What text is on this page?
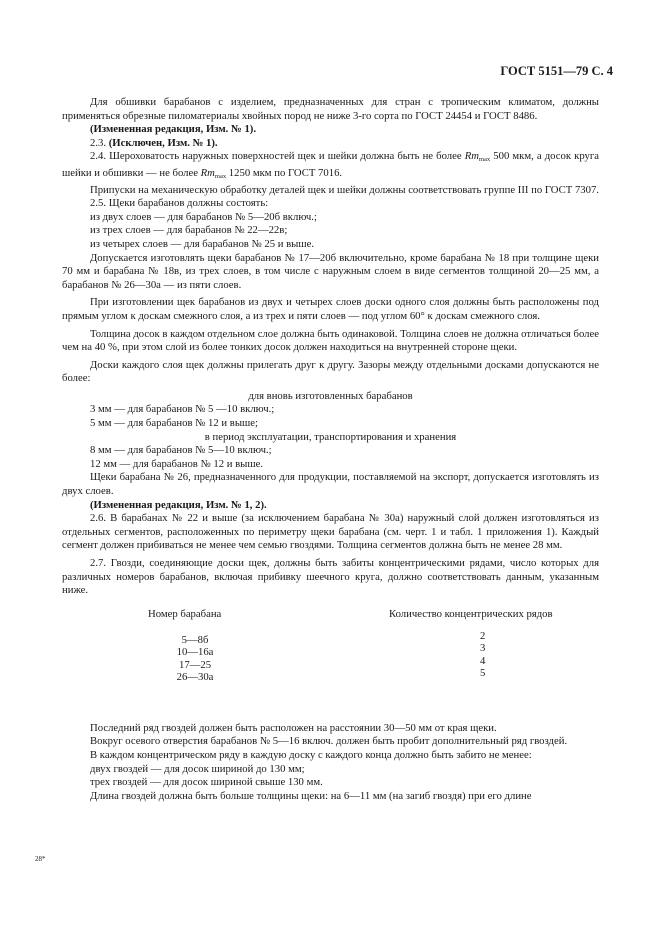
ГОСТ 5151—79 С. 4

Для обшивки барабанов с изделием, предназначенных для стран с тропическим климатом, должны применяться обрезные пиломатериалы хвойных пород не ниже 3-го сорта по ГОСТ 24454 и ГОСТ 8486.

(Измененная редакция, Изм. № 1).

2.3. (Исключен, Изм. № 1).

2.4. Шероховатость наружных поверхностей щек и шейки должна быть не более Rmmax 500 мкм, а досок круга шейки и обшивки — не более Rmmax 1250 мкм по ГОСТ 7016.

Припуски на механическую обработку деталей щек и шейки должны соответствовать группе III по ГОСТ 7307.

2.5. Щеки барабанов должны состоять:

из двух слоев — для барабанов № 5—20б включ.;

из трех слоев — для барабанов № 22—22в;

из четырех слоев — для барабанов № 25 и выше.

Допускается изготовлять щеки барабанов № 17—20б включительно, кроме барабана № 18 при толщине щеки 70 мм и барабана № 18в, из трех слоев, в том числе с наружным слоем в виде сегментов толщиной 20—25 мм, а барабанов № 26—30а — из пяти слоев.

При изготовлении щек барабанов из двух и четырех слоев доски одного слоя должны быть расположены под прямым углом к доскам смежного слоя, а из трех и пяти слоев — под углом 60° к доскам смежного слоя.

Толщина досок в каждом отдельном слое должна быть одинаковой. Толщина слоев не должна отличаться более чем на 40 %, при этом слой из более тонких досок должен находиться на внутренней стороне щеки.

Доски каждого слоя щек должны прилегать друг к другу. Зазоры между отдельными досками допускаются не более:

для вновь изготовленных барабанов

3 мм — для барабанов № 5 —10 включ.;

5 мм — для барабанов № 12 и выше;

в период эксплуатации, транспортирования и хранения

8 мм — для барабанов № 5—10 включ.;

12 мм — для барабанов № 12 и выше.

Щеки барабана № 26, предназначенного для продукции, поставляемой на экспорт, допускается изготовлять из двух слоев.

(Измененная редакция, Изм. № 1, 2).

2.6. В барабанах № 22 и выше (за исключением барабана № 30а) наружный слой должен изготовляться из отдельных сегментов, расположенных по периметру щеки барабана (см. черт. 1 и табл. 1 приложения 1). Каждый сегмент должен прибиваться не менее чем семью гвоздями. Толщина сегментов должна быть не менее 28 мм.

2.7. Гвозди, соединяющие доски щек, должны быть забиты концентрическими рядами, число которых для различных номеров барабанов, включая прибивку шеечного круга, должно соответствовать данным, указанным ниже.

Номер барабана	Количество концентрических рядов
5—8б
10—16а
17—25
26—30а
2
3
4
5

Последний ряд гвоздей должен быть расположен на расстоянии 30—50 мм от края щеки.

Вокруг осевого отверстия барабанов № 5—16 включ. должен быть пробит дополнительный ряд гвоздей.

В каждом концентрическом ряду в каждую доску с каждого конца должно быть забито не менее:

двух гвоздей — для досок шириной до 130 мм;

трех гвоздей — для досок шириной свыше 130 мм.

Длина гвоздей должна быть больше толщины щеки: на 6—11 мм (на загиб гвоздя) при его длине

28*
